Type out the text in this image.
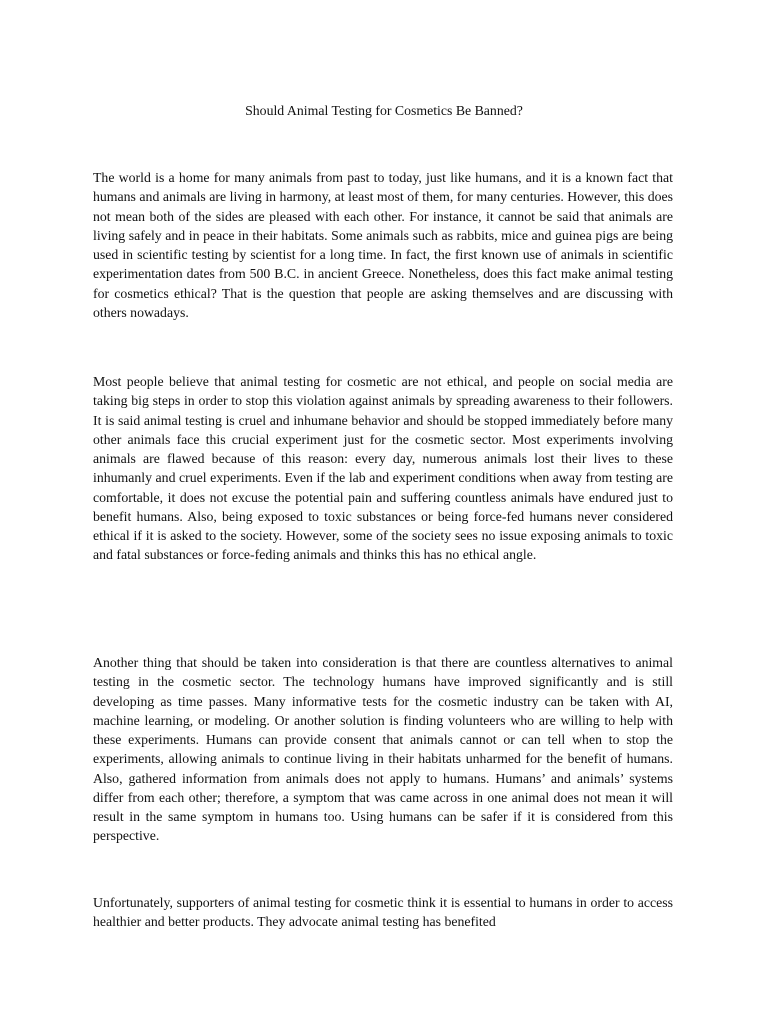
Should Animal Testing for Cosmetics Be Banned?

The world is a home for many animals from past to today, just like humans, and it is a known fact that humans and animals are living in harmony, at least most of them, for many centuries. However, this does not mean both of the sides are pleased with each other. For instance, it cannot be said that animals are living safely and in peace in their habitats. Some animals such as rabbits, mice and guinea pigs are being used in scientific testing by scientist for a long time. In fact, the first known use of animals in scientific experimentation dates from 500 B.C. in ancient Greece. Nonetheless, does this fact make animal testing for cosmetics ethical? That is the question that people are asking themselves and are discussing with others nowadays.

Most people believe that animal testing for cosmetic are not ethical, and people on social media are taking big steps in order to stop this violation against animals by spreading awareness to their followers. It is said animal testing is cruel and inhumane behavior and should be stopped immediately before many other animals face this crucial experiment just for the cosmetic sector. Most experiments involving animals are flawed because of this reason: every day, numerous animals lost their lives to these inhumanly and cruel experiments. Even if the lab and experiment conditions when away from testing are comfortable, it does not excuse the potential pain and suffering countless animals have endured just to benefit humans. Also, being exposed to toxic substances or being force-fed humans never considered ethical if it is asked to the society. However, some of the society sees no issue exposing animals to toxic and fatal substances or force-feding animals and thinks this has no ethical angle.

Another thing that should be taken into consideration is that there are countless alternatives to animal testing in the cosmetic sector. The technology humans have improved significantly and is still developing as time passes. Many informative tests for the cosmetic industry can be taken with AI, machine learning, or modeling. Or another solution is finding volunteers who are willing to help with these experiments. Humans can provide consent that animals cannot or can tell when to stop the experiments, allowing animals to continue living in their habitats unharmed for the benefit of humans. Also, gathered information from animals does not apply to humans. Humans’ and animals’ systems differ from each other; therefore, a symptom that was came across in one animal does not mean it will result in the same symptom in humans too. Using humans can be safer if it is considered from this perspective.

Unfortunately, supporters of animal testing for cosmetic think it is essential to humans in order to access healthier and better products. They advocate animal testing has benefited
